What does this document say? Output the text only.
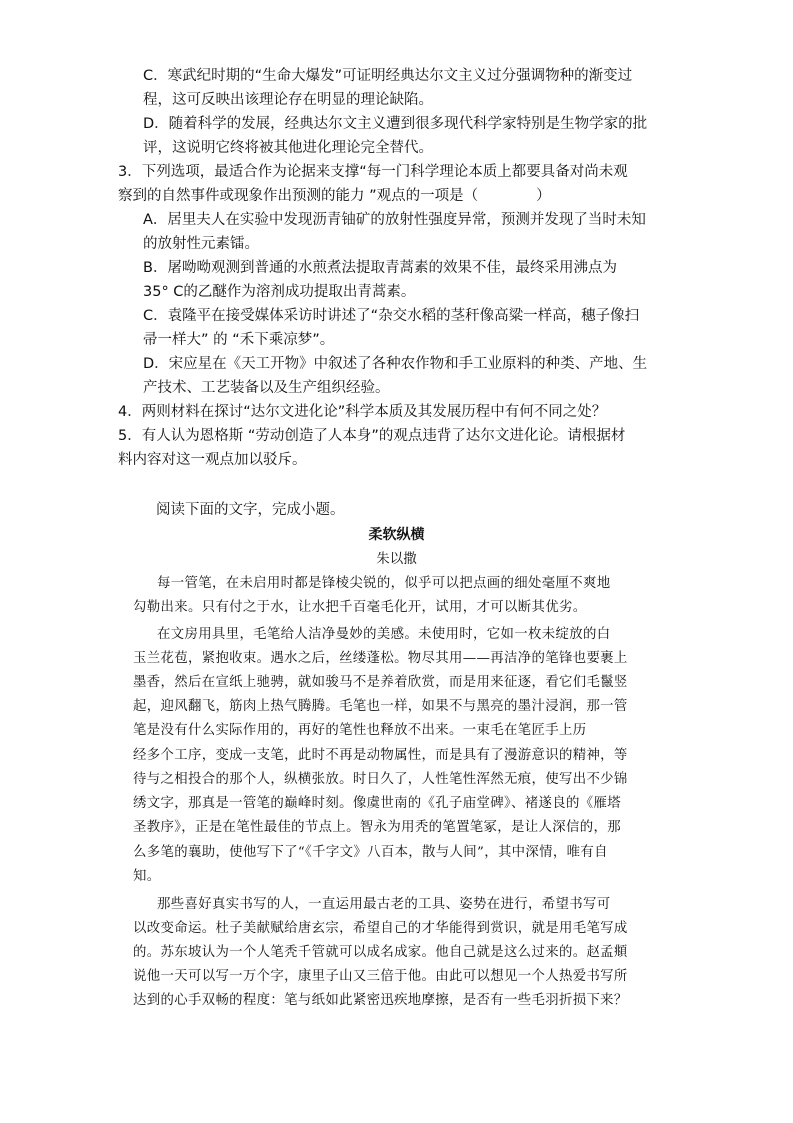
C．寒武纪时期的“生命大爆发”可证明经典达尔文主义过分强调物种的渐变过
程，这可反映出该理论存在明显的理论缺陷。
D．随着科学的发展，经典达尔文主义遭到很多现代科学家特别是生物学家的批
评，这说明它终将被其他进化理论完全替代。
3．下列选项，最适合作为论据来支撑“每一门科学理论本质上都要具备对尚未观
察到的自然事件或现象作出预测的能力 ”观点的一项是（　　　　）
A．居里夫人在实验中发现沥青铀矿的放射性强度异常，预测并发现了当时未知
的放射性元素镭。
B．屠呦呦观测到普通的水煎煮法提取青蒿素的效果不佳，最终采用沸点为
35° C的乙醚作为溶剂成功提取出青蒿素。
C．袁隆平在接受媒体采访时讲述了“杂交水稻的茎秆像高粱一样高，穗子像扫
帚一样大” 的 “禾下乘凉梦”。
D．宋应星在《天工开物》中叙述了各种农作物和手工业原料的种类、产地、生
产技术、工艺装备以及生产组织经验。
4．两则材料在探讨“达尔文进化论”科学本质及其发展历程中有何不同之处？
5．有人认为恩格斯 “劳动创造了人本身”的观点违背了达尔文进化论。请根据材
料内容对这一观点加以驳斥。
阅读下面的文字，完成小题。
柔软纵横
朱以撒
每一管笔，在未启用时都是锋棱尖锐的，似乎可以把点画的细处毫厘不爽地
勾勒出来。只有付之于水，让水把千百毫毛化开，试用，才可以断其优劣。
在文房用具里，毛笔给人洁净曼妙的美感。未使用时，它如一枚未绽放的白
玉兰花苞，紧抱收束。遇水之后，丝缕蓬松。物尽其用——再洁净的笔锋也要裹上
墨香，然后在宣纸上驰骋，就如骏马不是养着欣赏，而是用来征逐，看它们毛鬣竖
起，迎风翻飞，筋肉上热气腾腾。毛笔也一样，如果不与黑亮的墨汁浸润，那一管
笔是没有什么实际作用的，再好的笔性也释放不出来。一束毛在笔匠手上历
经多个工序，变成一支笔，此时不再是动物属性，而是具有了漫游意识的精神，等
待与之相投合的那个人，纵横张放。时日久了，人性笔性浑然无痕，使写出不少锦
绣文字，那真是一管笔的巅峰时刻。像虞世南的《孔子庙堂碑》、褚遂良的《雁塔
圣教序》，正是在笔性最佳的节点上。智永为用秃的笔置笔冢，是让人深信的，那
么多笔的襄助，使他写下了“《千字文》八百本，散与人间”，其中深情，唯有自
知。
那些喜好真实书写的人，一直运用最古老的工具、姿势在进行，希望书写可
以改变命运。杜子美献赋给唐玄宗，希望自己的才华能得到赏识，就是用毛笔写成
的。苏东坡认为一个人笔秃千管就可以成名成家。他自己就是这么过来的。赵孟頫
说他一天可以写一万个字，康里子山又三倍于他。由此可以想见一个人热爱书写所
达到的心手双畅的程度：笔与纸如此紧密迅疾地摩擦，是否有一些毛羽折损下来？
